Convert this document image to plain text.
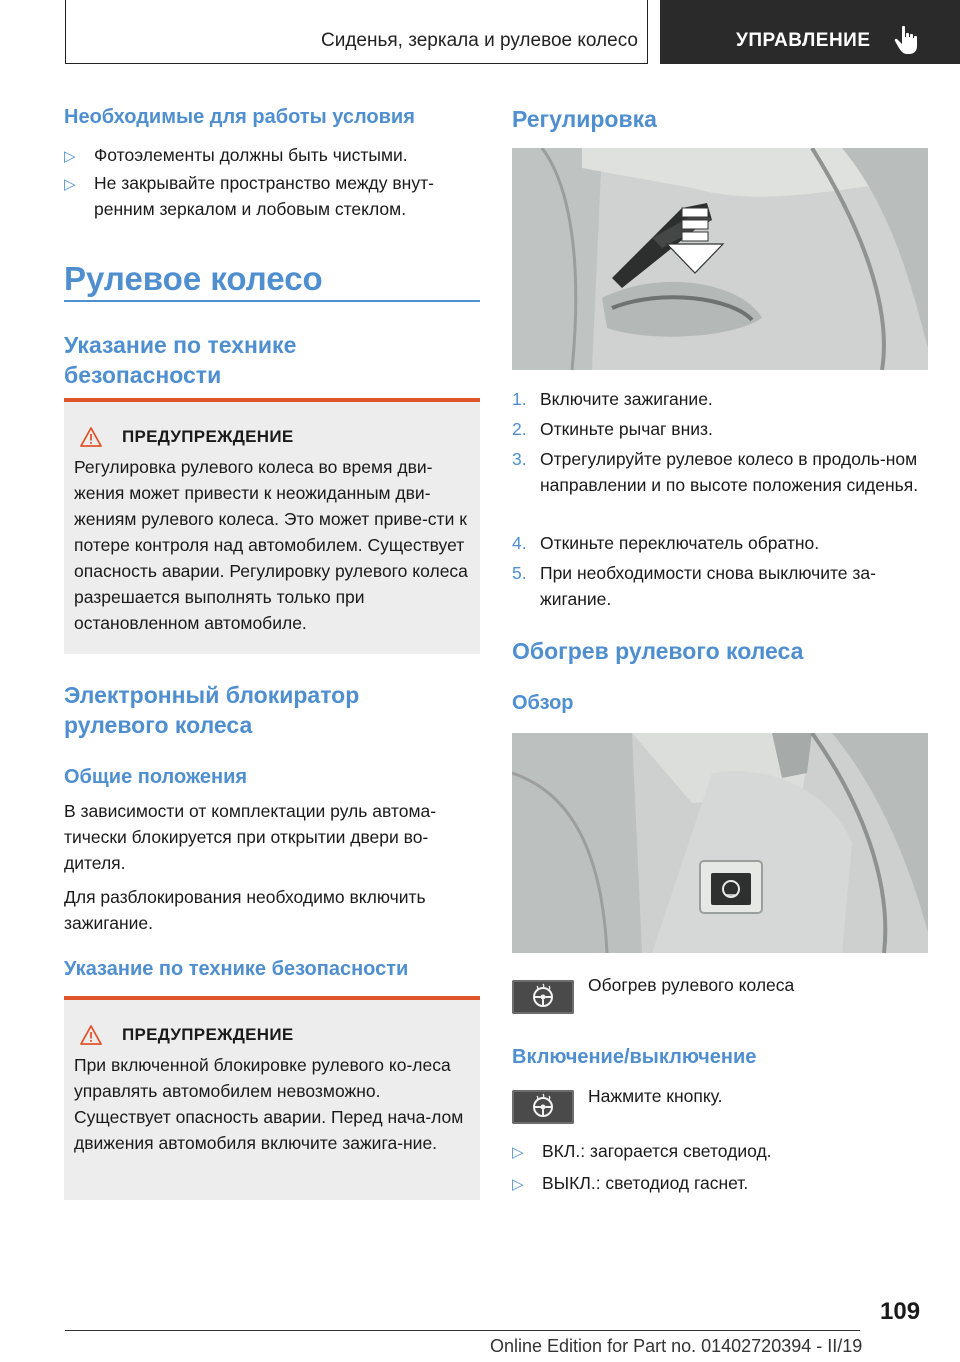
Сиденья, зеркала и рулевое колесо	УПРАВЛЕНИЕ
Необходимые для работы условия
▷	Фотоэлементы должны быть чистыми.
▷	Не закрывайте пространство между внут-ренним зеркалом и лобовым стеклом.
Рулевое колесо
Указание по технике безопасности
ПРЕДУПРЕЖДЕНИЕ
Регулировка рулевого колеса во время дви-жения может привести к неожиданным дви-жениям рулевого колеса. Это может приве-сти к потере контроля над автомобилем. Существует опасность аварии. Регулировку рулевого колеса разрешается выполнять только при остановленном автомобиле.
Электронный блокиратор рулевого колеса
Общие положения
В зависимости от комплектации руль автома-тически блокируется при открытии двери во-дителя.
Для разблокирования необходимо включить зажигание.
Указание по технике безопасности
ПРЕДУПРЕЖДЕНИЕ
При включенной блокировке рулевого ко-леса управлять автомобилем невозможно. Существует опасность аварии. Перед нача-лом движения автомобиля включите зажига-ние.
Регулировка
1. Включите зажигание.
2. Откиньте рычаг вниз.
3. Отрегулируйте рулевое колесо в продоль-ном направлении и по высоте положения сиденья.
4. Откиньте переключатель обратно.
5. При необходимости снова выключите за-жигание.
Обогрев рулевого колеса
Обзор
Обогрев рулевого колеса
Включение/выключение
Нажмите кнопку.
▷	ВКЛ.: загорается светодиод.
▷	ВЫКЛ.: светодиод гаснет.
109
Online Edition for Part no. 01402720394 - II/19
